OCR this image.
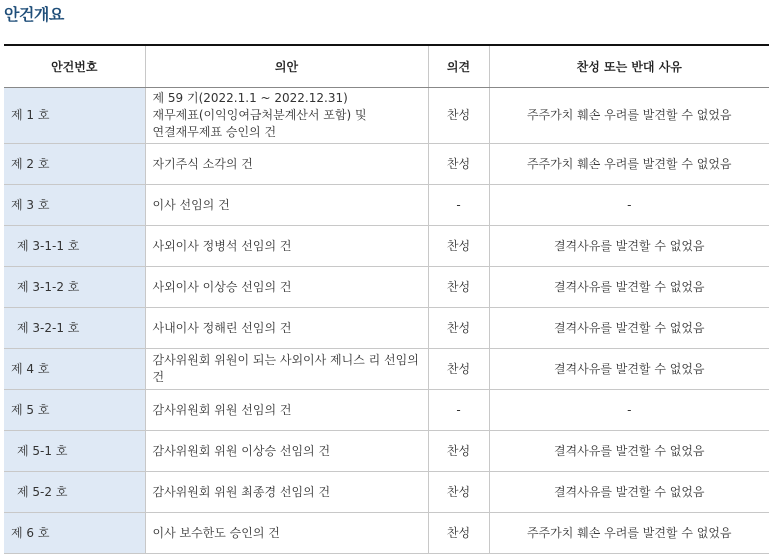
안건개요
안건번호	의안	의견	찬성 또는 반대 사유
제 1 호	제 59 기(2022.1.1 ~ 2022.12.31)
재무제표(이익잉여금처분계산서 포함) 및
연결재무제표 승인의 건	찬성	주주가치 훼손 우려를 발견할 수 없었음
제 2 호	자기주식 소각의 건	찬성	주주가치 훼손 우려를 발견할 수 없었음
제 3 호	이사 선임의 건	-	-
제 3-1-1 호	사외이사 정병석 선임의 건	찬성	결격사유를 발견할 수 없었음
제 3-1-2 호	사외이사 이상승 선임의 건	찬성	결격사유를 발견할 수 없었음
제 3-2-1 호	사내이사 정해린 선임의 건	찬성	결격사유를 발견할 수 없었음
제 4 호	감사위원회 위원이 되는 사외이사 제니스 리 선임의 건	찬성	결격사유를 발견할 수 없었음
제 5 호	감사위원회 위원 선임의 건	-	-
제 5-1 호	감사위원회 위원 이상승 선임의 건	찬성	결격사유를 발견할 수 없었음
제 5-2 호	감사위원회 위원 최종경 선임의 건	찬성	결격사유를 발견할 수 없었음
제 6 호	이사 보수한도 승인의 건	찬성	주주가치 훼손 우려를 발견할 수 없었음
